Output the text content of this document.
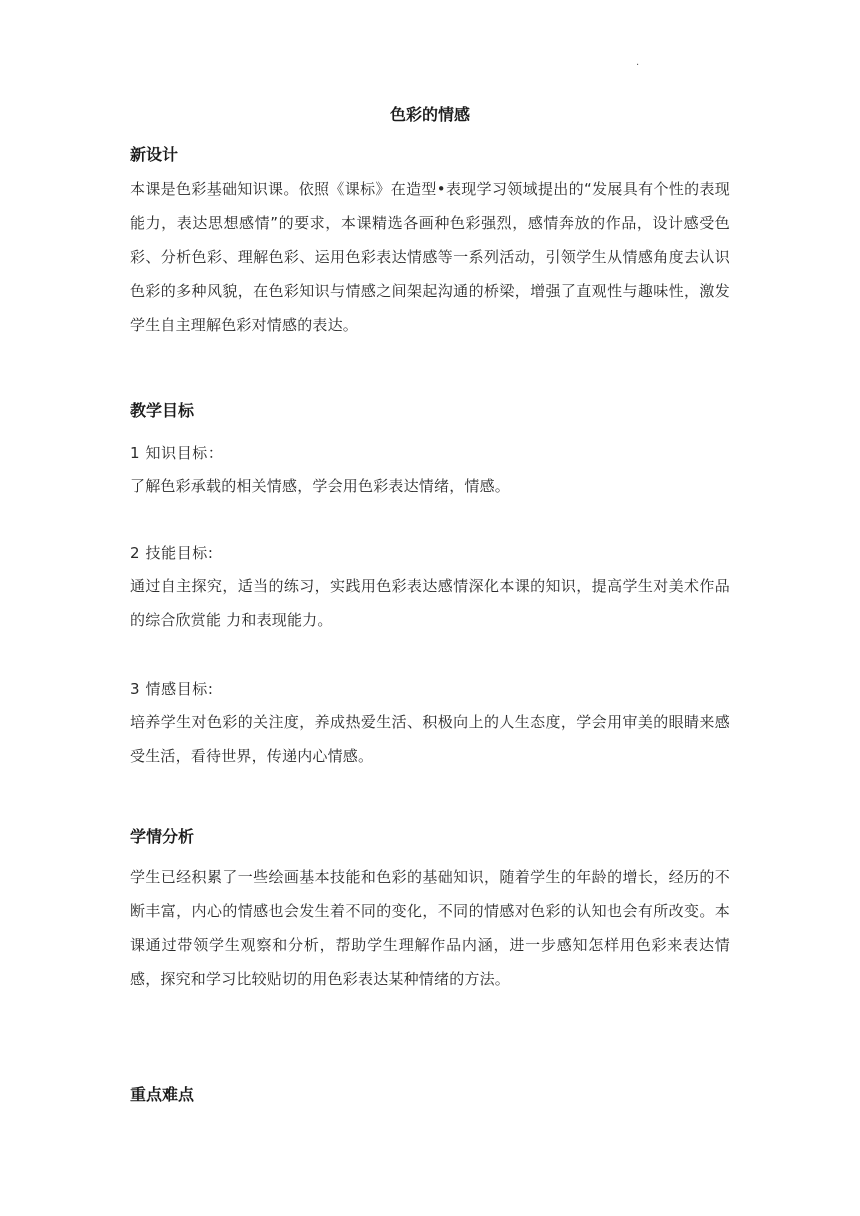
.
色彩的情感
新设计
本课是色彩基础知识课。依照《课标》在造型•表现学习领域提出的“发展具有个性的表现能力，表达思想感情”的要求，本课精选各画种色彩强烈，感情奔放的作品，设计感受色彩、分析色彩、理解色彩、运用色彩表达情感等一系列活动，引领学生从情感角度去认识色彩的多种风貌，在色彩知识与情感之间架起沟通的桥梁，增强了直观性与趣味性，激发学生自主理解色彩对情感的表达。
教学目标
1 知识目标：
了解色彩承载的相关情感，学会用色彩表达情绪，情感。
2 技能目标:
通过自主探究，适当的练习，实践用色彩表达感情深化本课的知识，提高学生对美术作品的综合欣赏能 力和表现能力。
3 情感目标:
培养学生对色彩的关注度，养成热爱生活、积极向上的人生态度，学会用审美的眼睛来感受生活，看待世界，传递内心情感。
学情分析
学生已经积累了一些绘画基本技能和色彩的基础知识，随着学生的年龄的增长，经历的不断丰富，内心的情感也会发生着不同的变化，不同的情感对色彩的认知也会有所改变。本课通过带领学生观察和分析，帮助学生理解作品内涵，进一步感知怎样用色彩来表达情感，探究和学习比较贴切的用色彩表达某种情绪的方法。
重点难点
